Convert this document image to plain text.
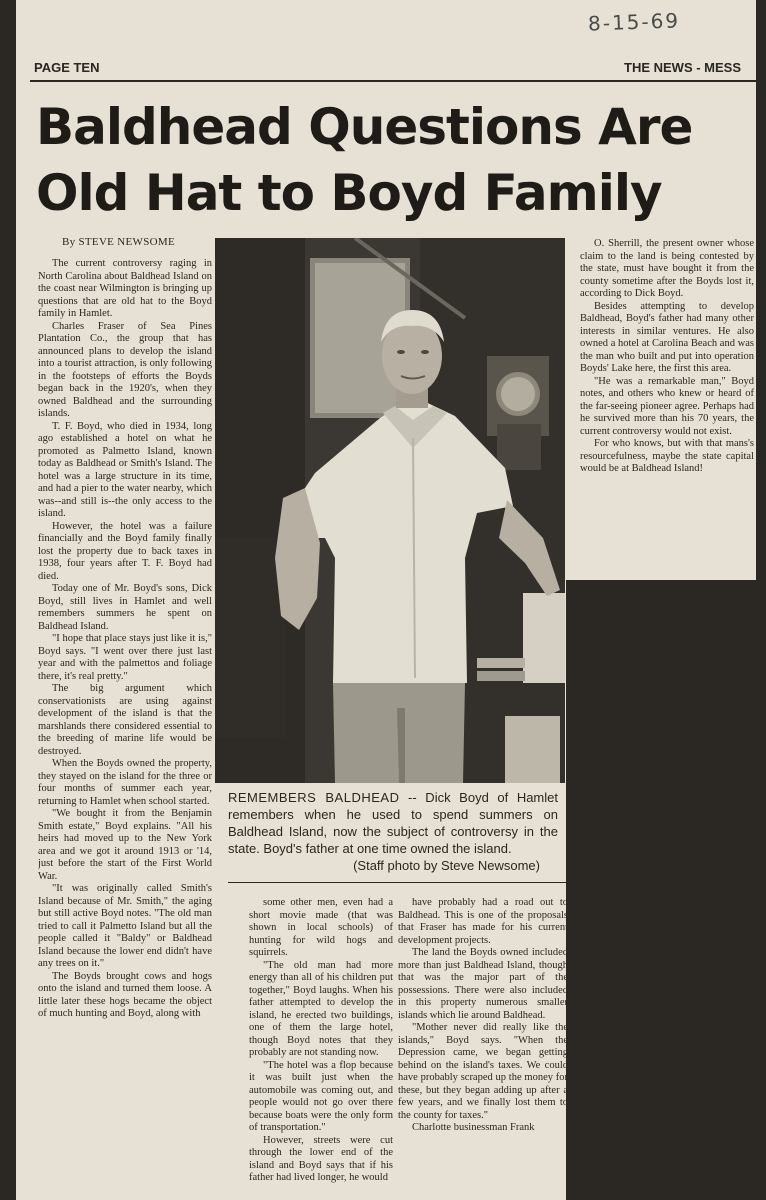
8-15-69
PAGE TEN	THE NEWS - MESS
Baldhead Questions Are
Old Hat to Boyd Family
By STEVE NEWSOME

The current controversy raging in North Carolina about Baldhead Island on the coast near Wilmington is bringing up questions that are old hat to the Boyd family in Hamlet.

Charles Fraser of Sea Pines Plantation Co., the group that has announced plans to develop the island into a tourist attraction, is only following in the footsteps of efforts the Boyds began back in the 1920's, when they owned Baldhead and the surrounding islands.

T. F. Boyd, who died in 1934, long ago established a hotel on what he promoted as Palmetto Island, known today as Baldhead or Smith's Island. The hotel was a large structure in its time, and had a pier to the water nearby, which was--and still is--the only access to the island.

However, the hotel was a failure financially and the Boyd family finally lost the property due to back taxes in 1938, four years after T. F. Boyd had died.

Today one of Mr. Boyd's sons, Dick Boyd, still lives in Hamlet and well remembers summers he spent on Baldhead Island.

"I hope that place stays just like it is," Boyd says. "I went over there just last year and with the palmettos and foliage there, it's real pretty."

The big argument which conservationists are using against development of the island is that the marshlands there considered essential to the breeding of marine life would be destroyed.

When the Boyds owned the property, they stayed on the island for the three or four months of summer each year, returning to Hamlet when school started.

"We bought it from the Benjamin Smith estate," Boyd explains. "All his heirs had moved up to the New York area and we got it around 1913 or '14, just before the start of the First World War.

"It was originally called Smith's Island because of Mr. Smith," the aging but still active Boyd notes. "The old man tried to call it Palmetto Island but all the people called it "Baldy" or Baldhead Island because the lower end didn't have any trees on it."

The Boyds brought cows and hogs onto the island and turned them loose. A little later these hogs became the object of much hunting and Boyd, along with

REMEMBERS BALDHEAD -- Dick Boyd of Hamlet remembers when he used to spend summers on Baldhead Island, now the subject of controversy in the state. Boyd's father at one time owned the island.
(Staff photo by Steve Newsome)

some other men, even had a short movie made (that was shown in local schools) of hunting for wild hogs and squirrels.

"The old man had more energy than all of his children put together," Boyd laughs. When his father attempted to develop the island, he erected two buildings, one of them the large hotel, though Boyd notes that they probably are not standing now.

"The hotel was a flop because it was built just when the automobile was coming out, and people would not go over there because boats were the only form of transportation."

However, streets were cut through the lower end of the island and Boyd says that if his father had lived longer, he would

have probably had a road out to Baldhead. This is one of the proposals that Fraser has made for his current development projects.

The land the Boyds owned included more than just Baldhead Island, though that was the major part of the possessions. There were also included in this property numerous smaller islands which lie around Baldhead.

"Mother never did really like the islands," Boyd says. "When the Depression came, we began getting behind on the island's taxes. We could have probably scraped up the money for these, but they began adding up after a few years, and we finally lost them to the county for taxes."

Charlotte businessman Frank

O. Sherrill, the present owner whose claim to the land is being contested by the state, must have bought it from the county sometime after the Boyds lost it, according to Dick Boyd.

Besides attempting to develop Baldhead, Boyd's father had many other interests in similar ventures. He also owned a hotel at Carolina Beach and was the man who built and put into operation Boyds' Lake here, the first this area.

"He was a remarkable man," Boyd notes, and others who knew or heard of the far-seeing pioneer agree. Perhaps had he survived more than his 70 years, the current controversy would not exist.

For who knows, but with that mans's resourcefulness, maybe the state capital would be at Baldhead Island!
